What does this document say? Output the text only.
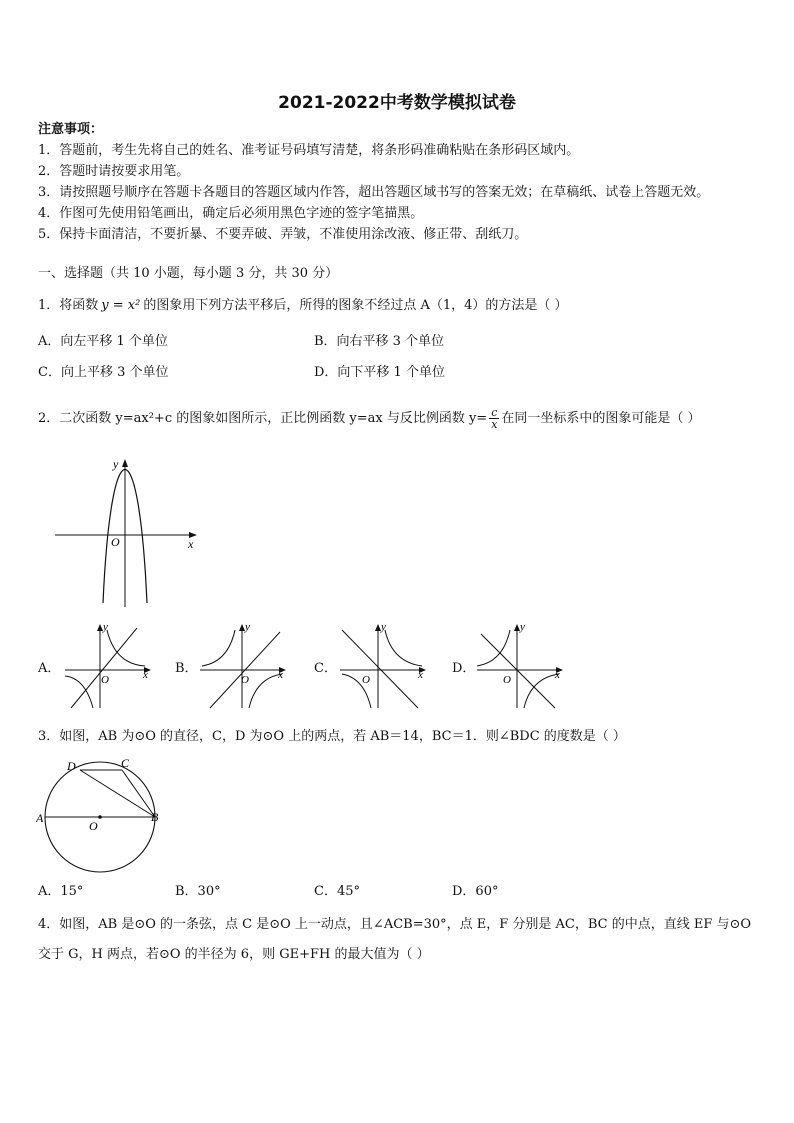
2021-2022中考数学模拟试卷
注意事项：
1．答题前，考生先将自己的姓名、准考证号码填写清楚，将条形码准确粘贴在条形码区域内。
2．答题时请按要求用笔。
3．请按照题号顺序在答题卡各题目的答题区域内作答，超出答题区域书写的答案无效；在草稿纸、试卷上答题无效。
4．作图可先使用铅笔画出，确定后必须用黑色字迹的签字笔描黑。
5．保持卡面清洁，不要折暴、不要弄破、弄皱，不准使用涂改液、修正带、刮纸刀。
一、选择题（共 10 小题，每小题 3 分，共 30 分）
1．将函数 y = x² 的图象用下列方法平移后，所得的图象不经过点 A（1，4）的方法是（ ）
A．向左平移 1 个单位	B．向右平移 3 个单位
C．向上平移 3 个单位	D．向下平移 1 个单位
2．二次函数 y=ax²+c 的图象如图所示，正比例函数 y=ax 与反比例函数 $y= \frac{c}{x}$ 在同一坐标系中的图象可能是（ ）
O	x
y
A．
y
x
O
B．
y
x
O
C．
y
x
O
D．
y
x
O
3．如图，AB 为⊙O 的直径，C，D 为⊙O 上的两点，若 AB＝14，BC＝1．则∠BDC 的度数是（ ）
A	B
C
D
O
A．15°	B．30°	C．45°	D．60°
4．如图，AB 是⊙O 的一条弦，点 C 是⊙O 上一动点，且∠ACB=30°，点 E，F 分别是 AC，BC 的中点，直线 EF 与⊙O
交于 G，H 两点，若⊙O 的半径为 6，则 GE+FH 的最大值为（ ）
